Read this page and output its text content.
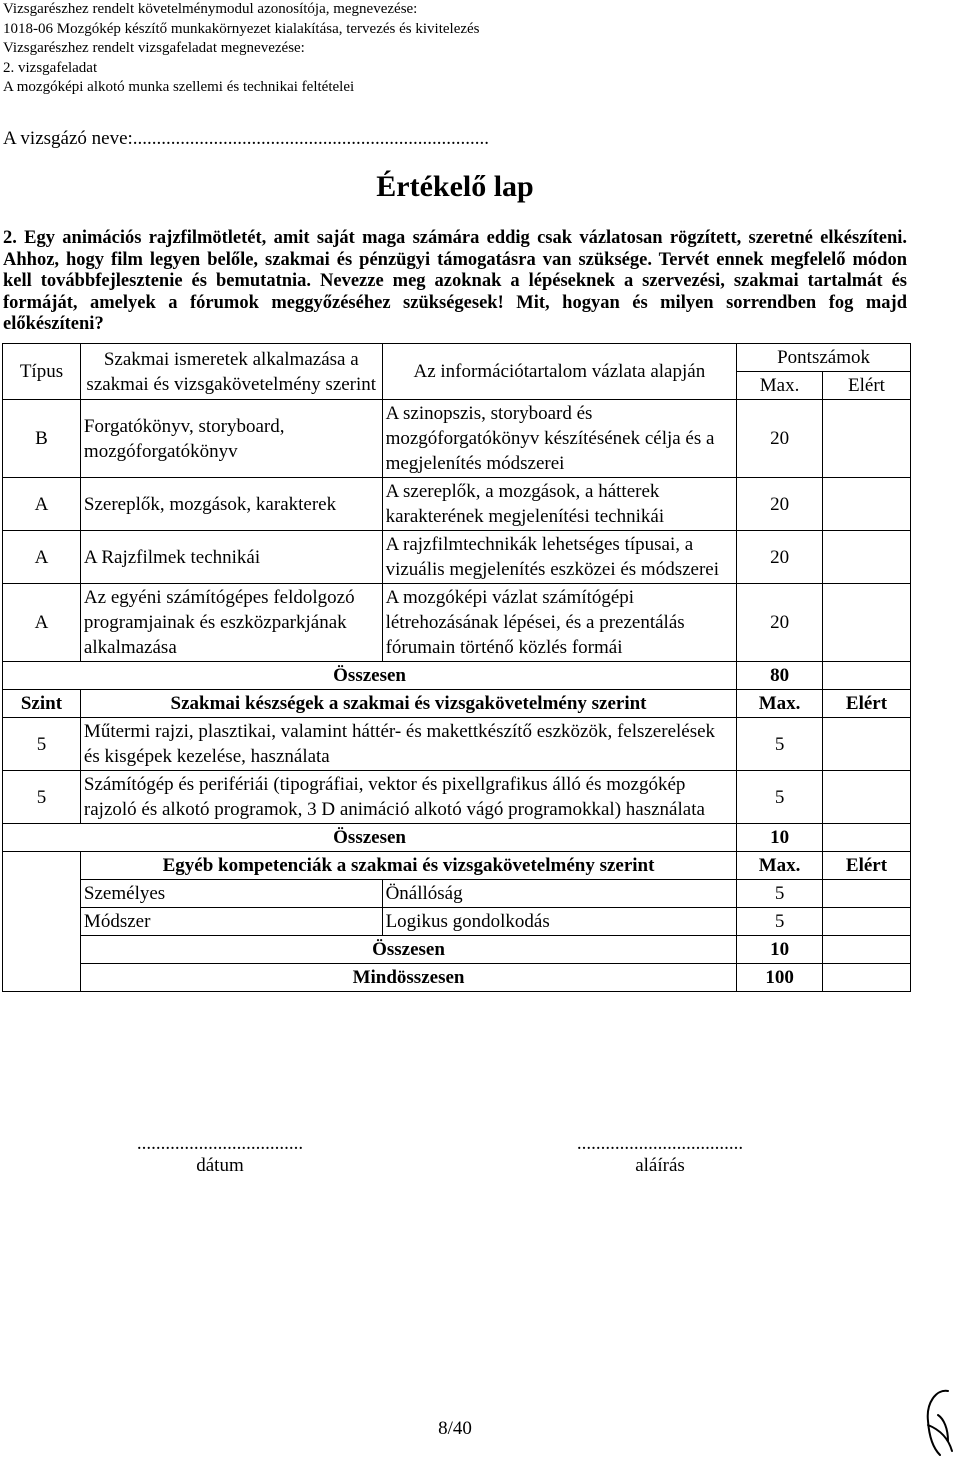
Vizsgarészhez rendelt követelménymodul azonosítója, megnevezése:
1018-06 Mozgókép készítő munkakörnyezet kialakítása, tervezés és kivitelezés
Vizsgarészhez rendelt vizsgafeladat megnevezése:
2. vizsgafeladat
A mozgóképi alkotó munka szellemi és technikai feltételei
A vizsgázó neve:...........................................................................
Értékelő lap
2. Egy animációs rajzfilmötletét, amit saját maga számára eddig csak vázlatosan rögzített, szeretné elkészíteni. Ahhoz, hogy film legyen belőle, szakmai és pénzügyi támogatásra van szüksége. Tervét ennek megfelelő módon kell továbbfejlesztenie és bemutatnia. Nevezze meg azoknak a lépéseknek a szervezési, szakmai tartalmát és formáját, amelyek a fórumok meggyőzéséhez szükségesek! Mit, hogyan és milyen sorrendben fog majd előkészíteni?
Típus	Szakmai ismeretek alkalmazása a szakmai és vizsgakövetelmény szerint	Az információtartalom vázlata alapján	Pontszámok	
			Max.	Elért
B	Forgatókönyv, storyboard, mozgóforgatókönyv	A szinopszis, storyboard és mozgóforgatókönyv készítésének célja és a megjelenítés módszerei	20	
A	Szereplők, mozgások, karakterek	A szereplők, a mozgások, a hátterek karakterének megjelenítési technikái	20	
A	A Rajzfilmek technikái	A rajzfilmtechnikák lehetséges típusai, a vizuális megjelenítés eszközei és módszerei	20	
A	Az egyéni számítógépes feldolgozó programjainak és eszközparkjának alkalmazása	A mozgóképi vázlat számítógépi létrehozásának lépései, és a prezentálás fórumain történő közlés formái	20	
Összesen			80	
Szint	Szakmai készségek a szakmai és vizsgakövetelmény szerint		Max.	Elért
5	Műtermi rajzi, plasztikai, valamint háttér- és makettkészítő eszközök, felszerelések és kisgépek kezelése, használata		5	
5	Számítógép és perifériái (tipográfiai, vektor és pixellgrafikus álló és mozgókép rajzoló és alkotó programok, 3 D animáció alkotó vágó programokkal) használata		5	
Összesen			10	
	Egyéb kompetenciák a szakmai és vizsgakövetelmény szerint		Max.	Elért
	Személyes	Önállóság	5	
	Módszer	Logikus gondolkodás	5	
	Összesen		10	
	Mindösszesen		100	
...................................
dátum
...................................
aláírás
8/40
